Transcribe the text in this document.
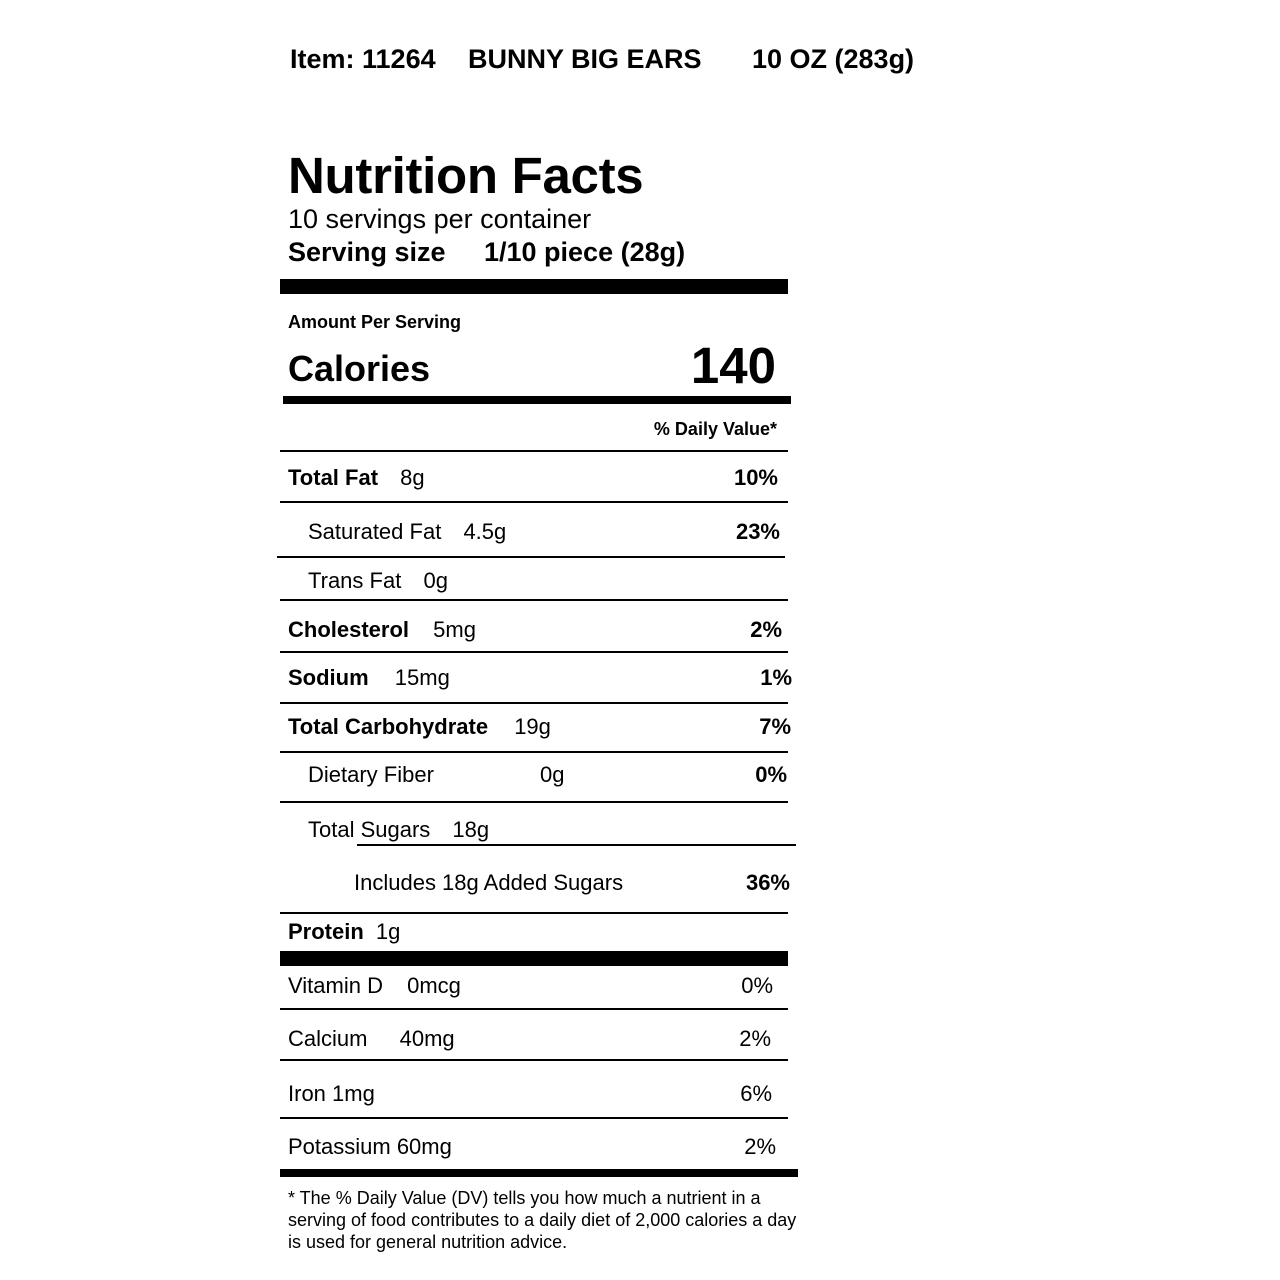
Item: 11264 BUNNY BIG EARS 10 OZ (283g)
Nutrition Facts
10 servings per container
Serving size 1/10 piece (28g)
Amount Per Serving
Calories	140
% Daily Value*
Total Fat 8g	10%
Saturated Fat 4.5g	23%
Trans Fat 0g
Cholesterol 5mg	2%
Sodium 15mg	1%
Total Carbohydrate 19g	7%
Dietary Fiber	0g	0%
Total Sugars 18g
Includes 18g Added Sugars	36%
Protein 1g
Vitamin D 0mcg	0%
Calcium 40mg	2%
Iron 1mg	6%
Potassium 60mg	2%
* The % Daily Value (DV) tells you how much a nutrient in a serving of food contributes to a daily diet of 2,000 calories a day is used for general nutrition advice.
